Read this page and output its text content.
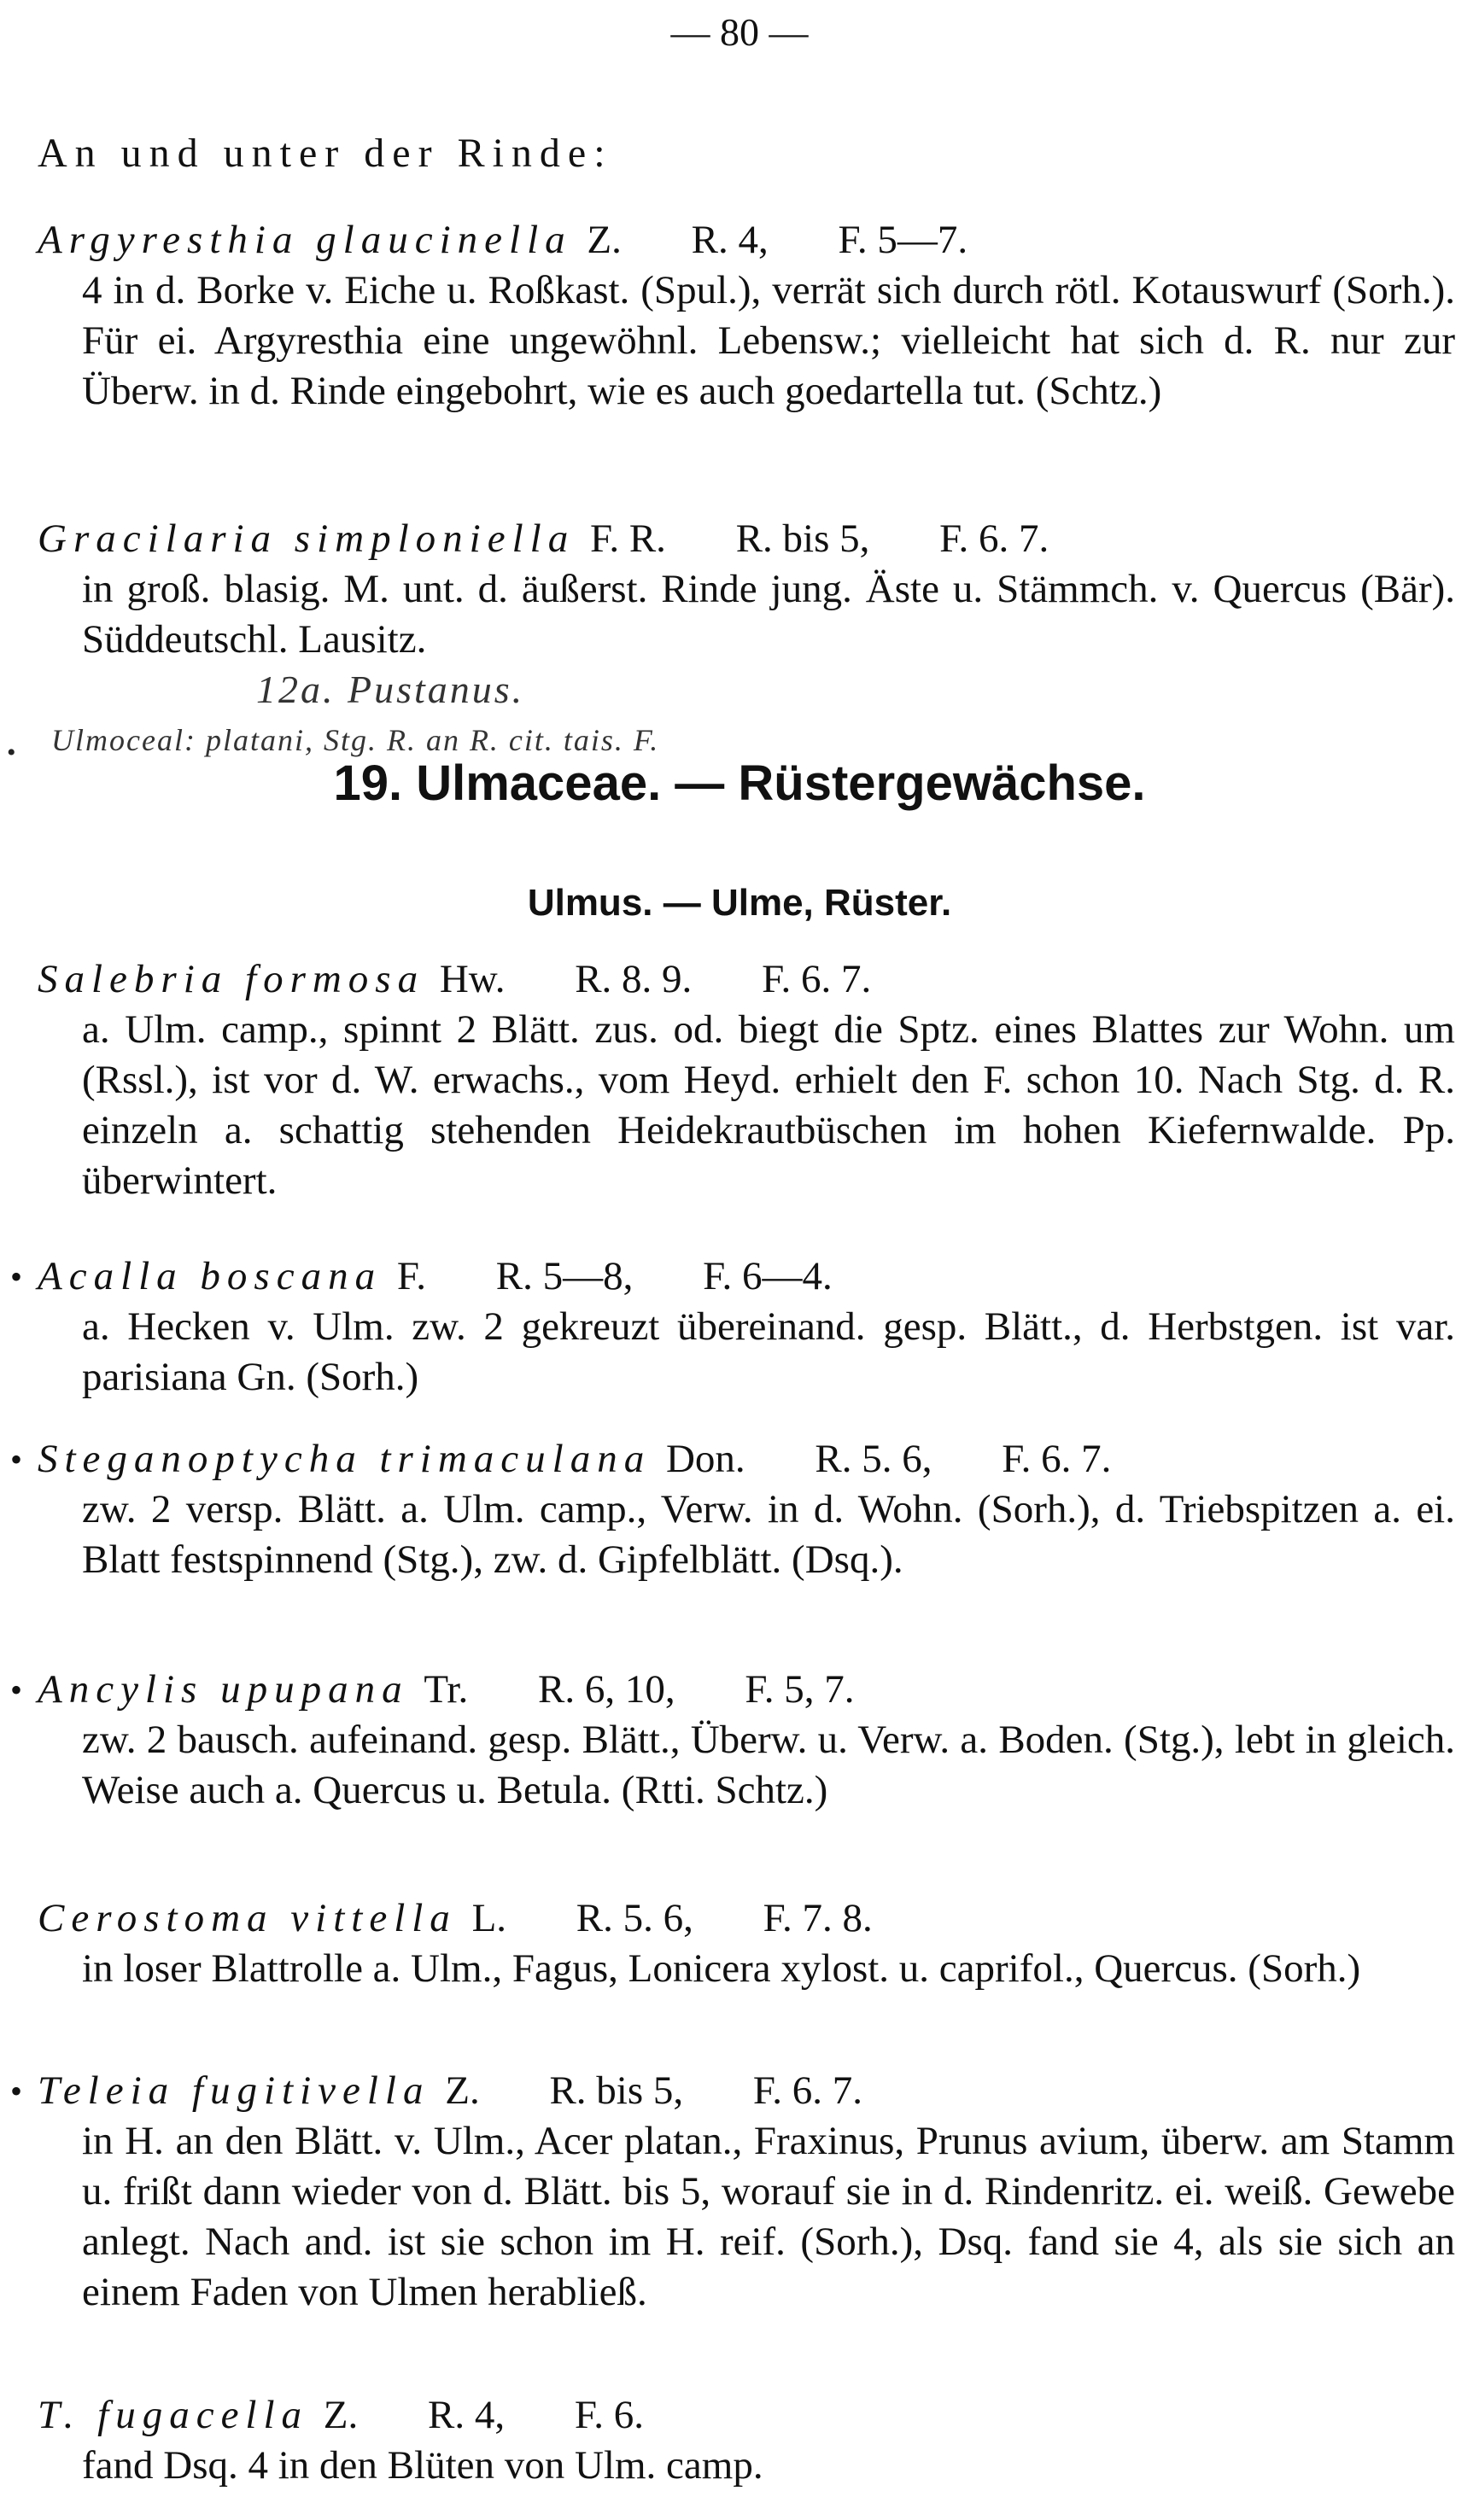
— 80 —
An und unter der Rinde:
Argyresthia glaucinella Z. R. 4, F. 5—7.
4 in d. Borke v. Eiche u. Roßkast. (Spul.), verrät sich durch rötl. Kotauswurf (Sorh.). Für ei. Argyresthia eine ungewöhnl. Lebensw.; vielleicht hat sich d. R. nur zur Überw. in d. Rinde eingebohrt, wie es auch goedartella tut. (Schtz.)
Gracilaria simploniella F. R. R. bis 5, F. 6. 7.
in groß. blasig. M. unt. d. äußerst. Rinde jung. Äste u. Stämmch. v. Quercus (Bär). Süddeutschl. Lausitz.
12a. Pustanus.
• Ulmoceal: platani, Stg. R. an R. cit. tais. F.
19. Ulmaceae. — Rüstergewächse.
Ulmus. — Ulme, Rüster.
Salebria formosa Hw. R. 8. 9. F. 6. 7.
a. Ulm. camp., spinnt 2 Blätt. zus. od. biegt die Sptz. eines Blattes zur Wohn. um (Rssl.), ist vor d. W. erwachs., vom Heyd. erhielt den F. schon 10. Nach Stg. d. R. einzeln a. schattig stehenden Heidekrautbüschen im hohen Kiefernwalde. Pp. überwintert.
• Acalla boscana F. R. 5—8, F. 6—4.
a. Hecken v. Ulm. zw. 2 gekreuzt übereinand. gesp. Blätt., d. Herbstgen. ist var. parisiana Gn. (Sorh.)
• Steganoptycha trimaculana Don. R. 5. 6, F. 6. 7.
zw. 2 versp. Blätt. a. Ulm. camp., Verw. in d. Wohn. (Sorh.), d. Triebspitzen a. ei. Blatt festspinnend (Stg.), zw. d. Gipfelblätt. (Dsq.).
• Ancylis upupana Tr. R. 6, 10, F. 5, 7.
zw. 2 bausch. aufeinand. gesp. Blätt., Überw. u. Verw. a. Boden. (Stg.), lebt in gleich. Weise auch a. Quercus u. Betula. (Rtti. Schtz.)
Cerostoma vittella L. R. 5. 6, F. 7. 8.
in loser Blattrolle a. Ulm., Fagus, Lonicera xylost. u. caprifol., Quercus. (Sorh.)
• Teleia fugitivella Z. R. bis 5, F. 6. 7.
in H. an den Blätt. v. Ulm., Acer platan., Fraxinus, Prunus avium, überw. am Stamm u. frißt dann wieder von d. Blätt. bis 5, worauf sie in d. Rindenritz. ei. weiß. Gewebe anlegt. Nach and. ist sie schon im H. reif. (Sorh.), Dsq. fand sie 4, als sie sich an einem Faden von Ulmen herabließ.
T. fugacella Z. R. 4, F. 6.
fand Dsq. 4 in den Blüten von Ulm. camp.
